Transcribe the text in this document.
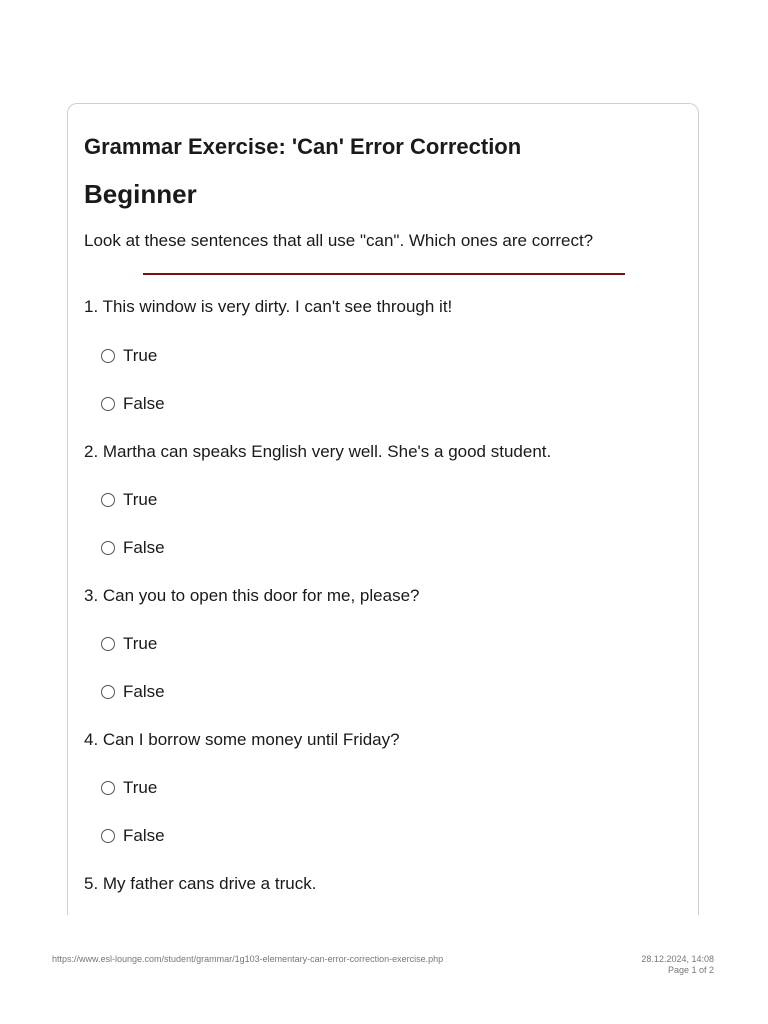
Grammar Exercise: 'Can' Error Correction
Beginner

Look at these sentences that all use "can". Which ones are correct?

1. This window is very dirty. I can't see through it!

True
False

2. Martha can speaks English very well. She's a good student.

True
False

3. Can you to open this door for me, please?

True
False

4. Can I borrow some money until Friday?

True
False

5. My father cans drive a truck.

https://www.esl-lounge.com/student/grammar/1g103-elementary-can-error-correction-exercise.php	28.12.2024, 14:08
Page 1 of 2
